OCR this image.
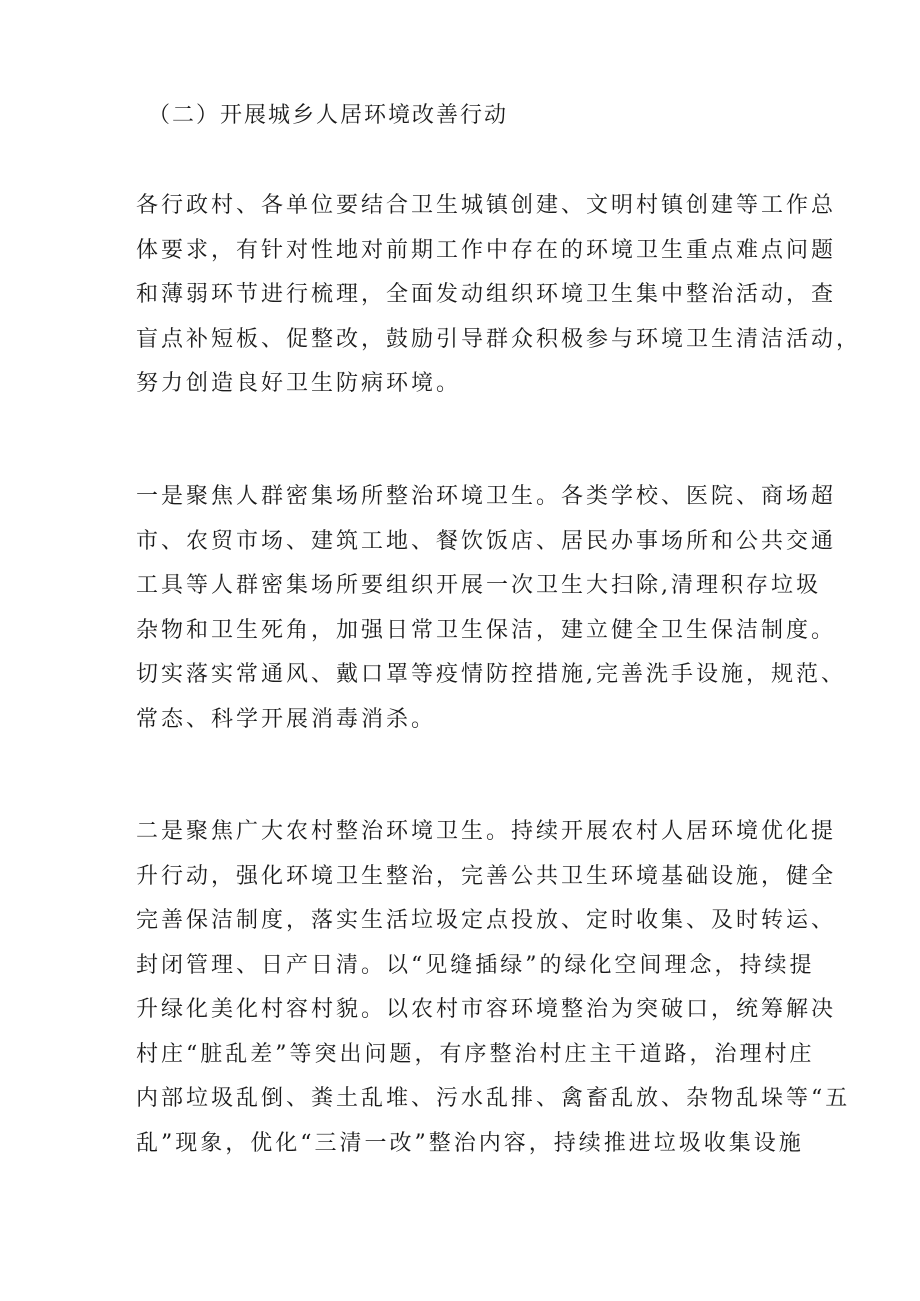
（二）开展城乡人居环境改善行动
各行政村、各单位要结合卫生城镇创建、文明村镇创建等工作总
体要求，有针对性地对前期工作中存在的环境卫生重点难点问题
和薄弱环节进行梳理，全面发动组织环境卫生集中整治活动，查
盲点补短板、促整改，鼓励引导群众积极参与环境卫生清洁活动，
努力创造良好卫生防病环境。
一是聚焦人群密集场所整治环境卫生。各类学校、医院、商场超
市、农贸市场、建筑工地、餐饮饭店、居民办事场所和公共交通
工具等人群密集场所要组织开展一次卫生大扫除,清理积存垃圾
杂物和卫生死角，加强日常卫生保洁，建立健全卫生保洁制度。
切实落实常通风、戴口罩等疫情防控措施,完善洗手设施，规范、
常态、科学开展消毒消杀。
二是聚焦广大农村整治环境卫生。持续开展农村人居环境优化提
升行动，强化环境卫生整治，完善公共卫生环境基础设施，健全
完善保洁制度，落实生活垃圾定点投放、定时收集、及时转运、
封闭管理、日产日清。以“见缝插绿”的绿化空间理念，持续提
升绿化美化村容村貌。以农村市容环境整治为突破口，统筹解决
村庄“脏乱差”等突出问题，有序整治村庄主干道路，治理村庄
内部垃圾乱倒、粪土乱堆、污水乱排、禽畜乱放、杂物乱垛等“五
乱”现象，优化“三清一改”整治内容，持续推进垃圾收集设施
